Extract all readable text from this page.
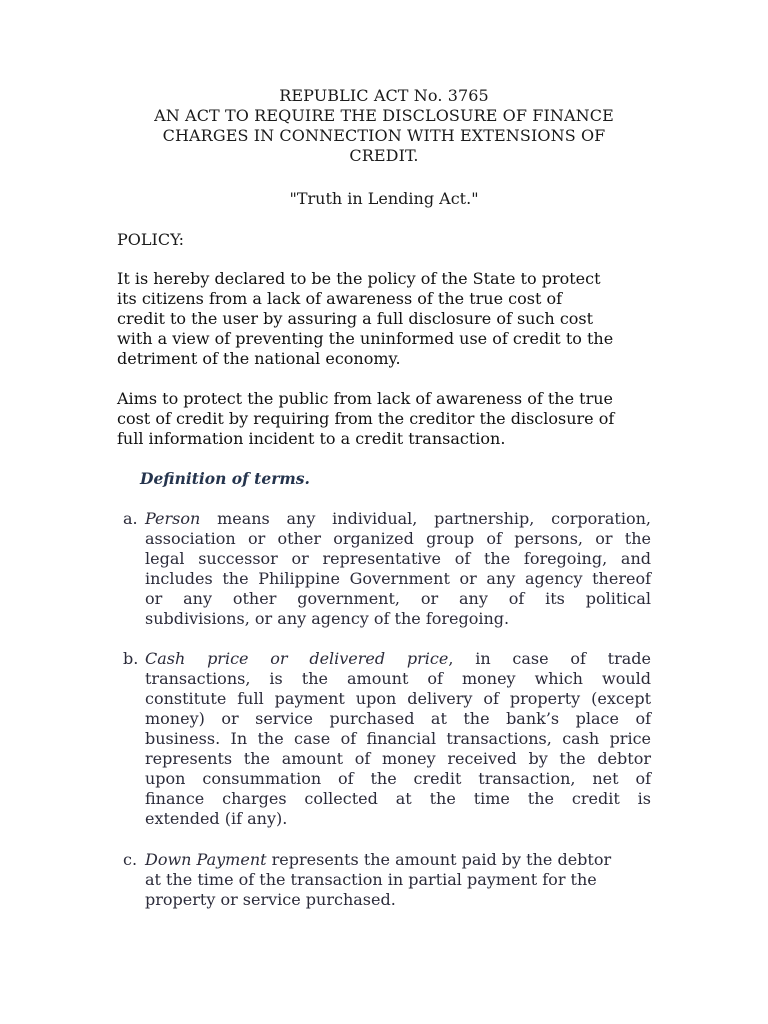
REPUBLIC ACT No. 3765
AN ACT TO REQUIRE THE DISCLOSURE OF FINANCE
CHARGES IN CONNECTION WITH EXTENSIONS OF
CREDIT.
"Truth in Lending Act."
POLICY:
It is hereby declared to be the policy of the State to protect
its citizens from a lack of awareness of the true cost of
credit to the user by assuring a full disclosure of such cost
with a view of preventing the uninformed use of credit to the
detriment of the national economy.
Aims to protect the public from lack of awareness of the true
cost of credit by requiring from the creditor the disclosure of
full information incident to a credit transaction.
Definition of terms.
a. Person means any individual, partnership, corporation,
association or other organized group of persons, or the
legal successor or representative of the foregoing, and
includes the Philippine Government or any agency thereof
or any other government, or any of its political
subdivisions, or any agency of the foregoing.
b. Cash price or delivered price, in case of trade
transactions, is the amount of money which would
constitute full payment upon delivery of property (except
money) or service purchased at the bank’s place of
business. In the case of financial transactions, cash price
represents the amount of money received by the debtor
upon consummation of the credit transaction, net of
finance charges collected at the time the credit is
extended (if any).
c. Down Payment represents the amount paid by the debtor
at the time of the transaction in partial payment for the
property or service purchased.
